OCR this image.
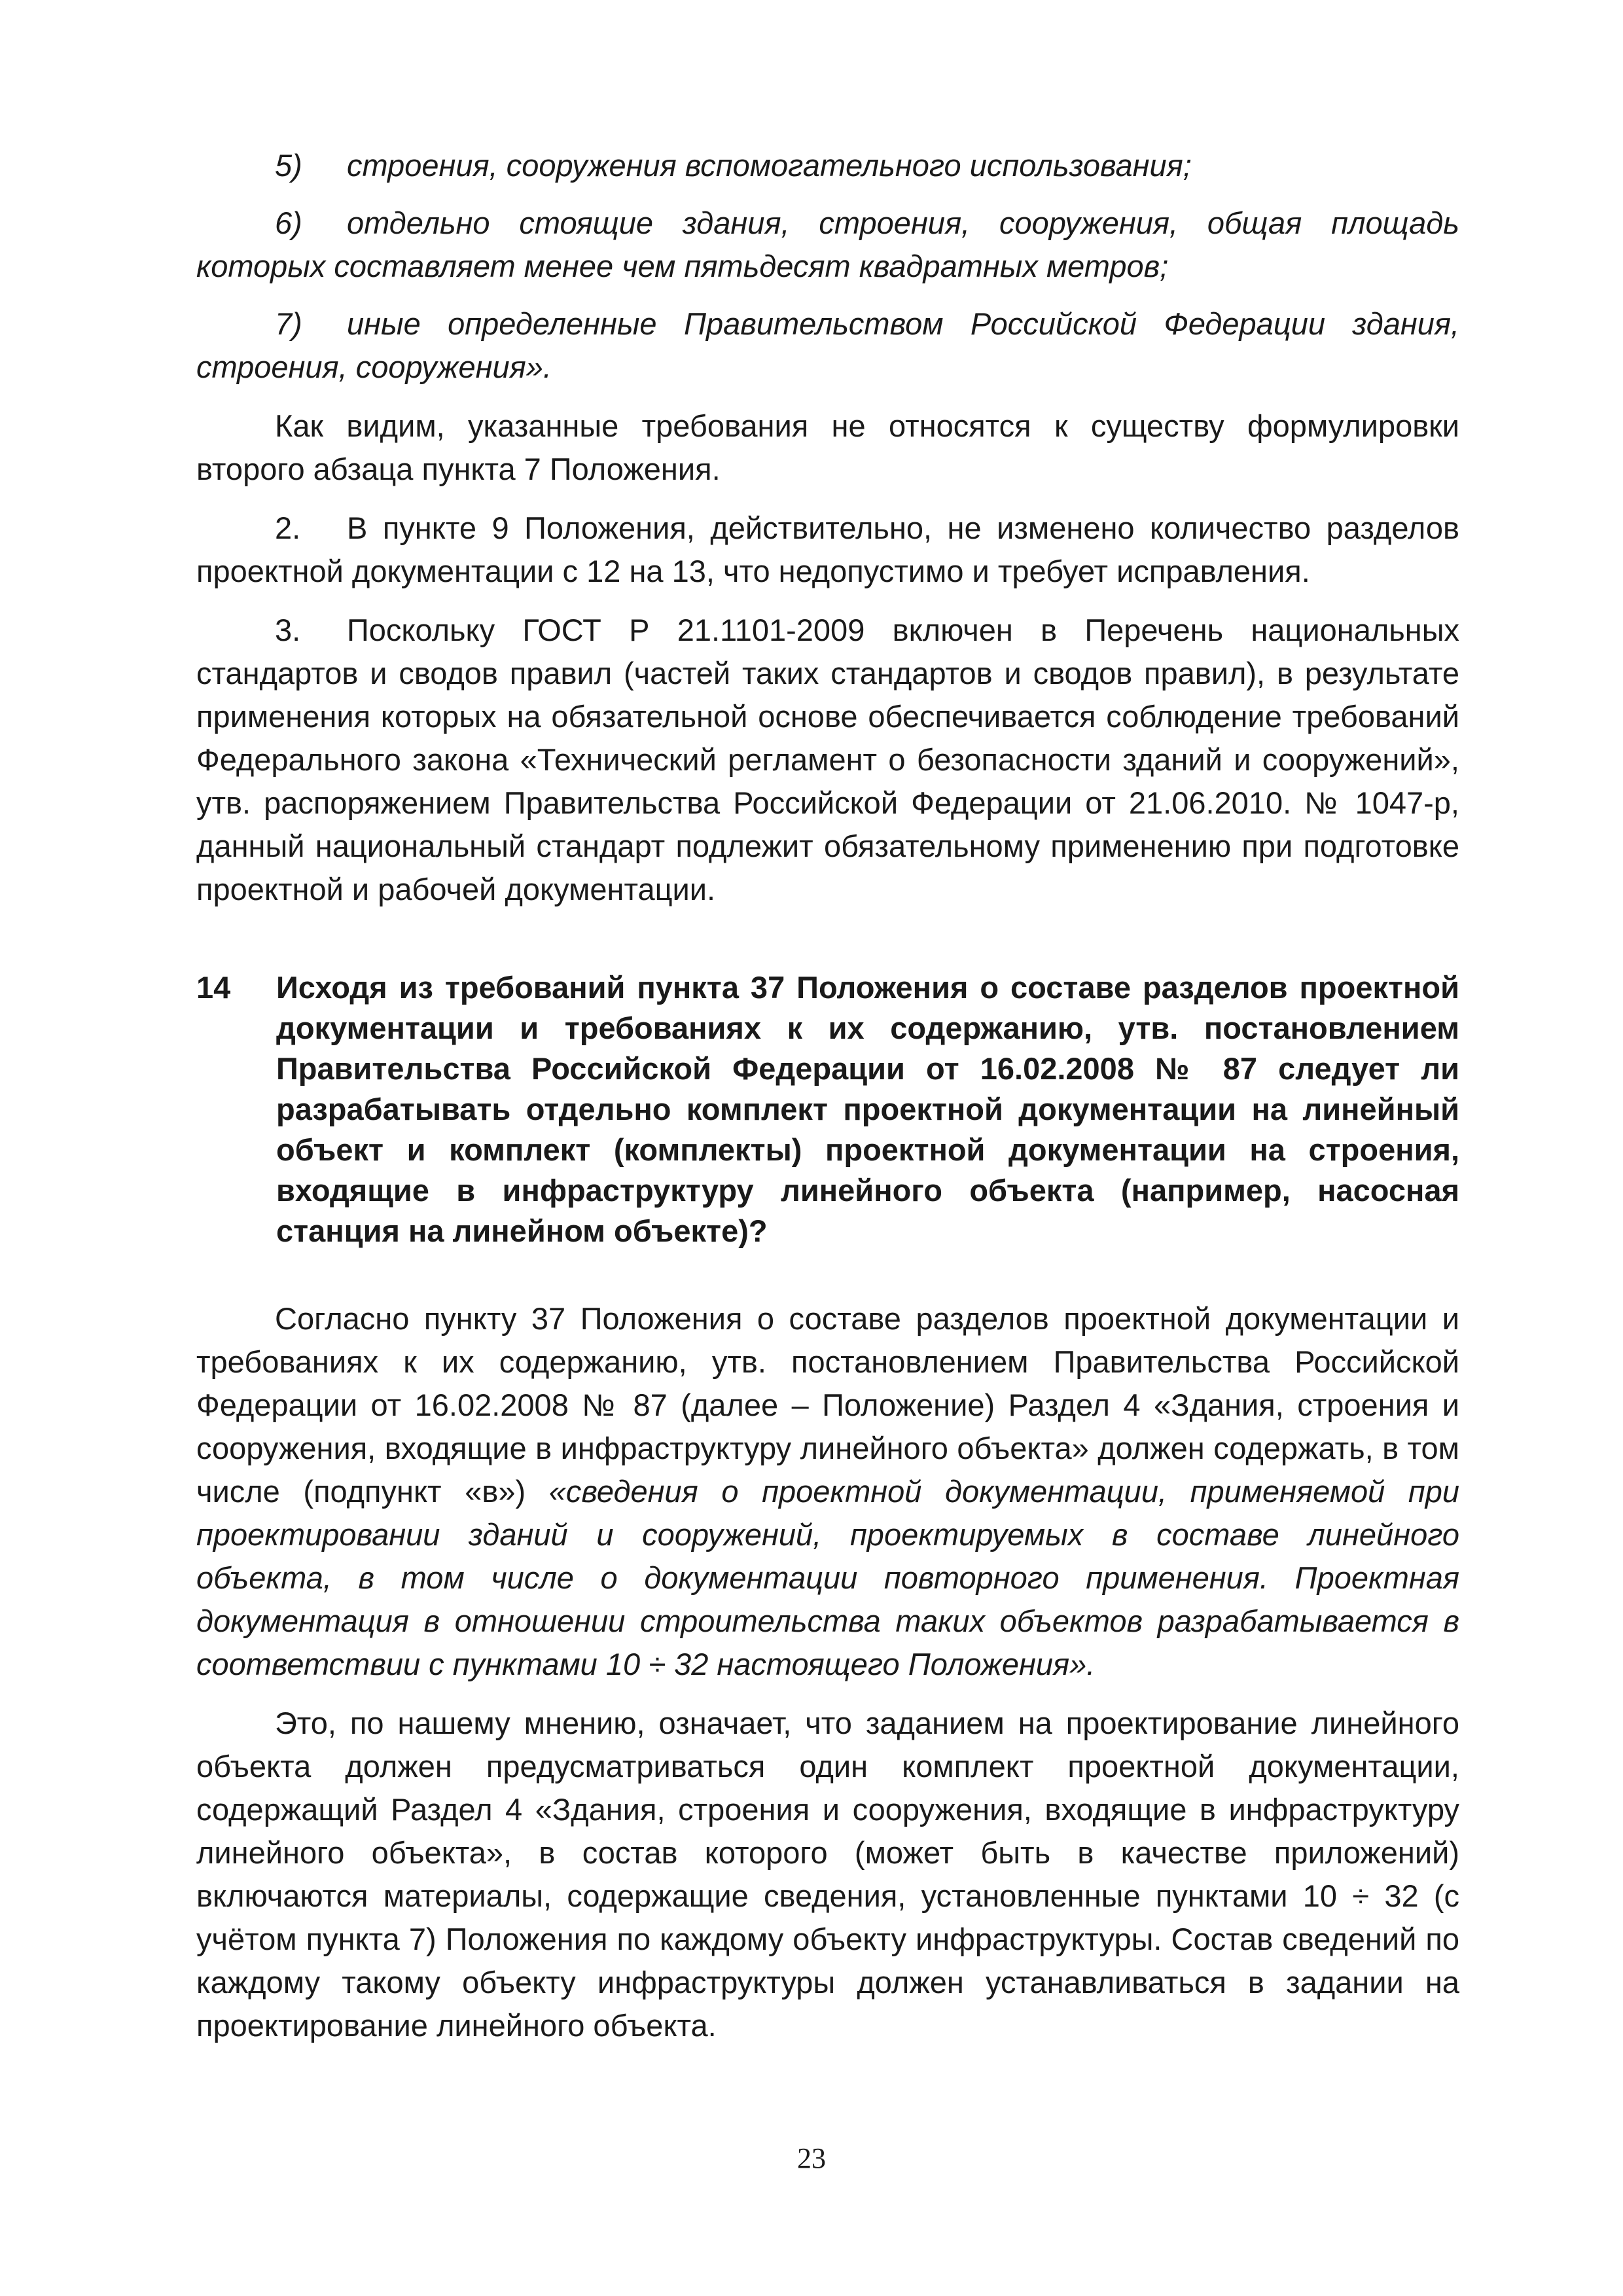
5) строения, сооружения вспомогательного использования;

6) отдельно стоящие здания, строения, сооружения, общая площадь которых составляет менее чем пятьдесят квадратных метров;

7) иные определенные Правительством Российской Федерации здания, строения, сооружения».

Как видим, указанные требования не относятся к существу формулировки второго абзаца пункта 7 Положения.

2. В пункте 9 Положения, действительно, не изменено количество разделов проектной документации с 12 на 13, что недопустимо и требует исправления.

3. Поскольку ГОСТ Р 21.1101-2009 включен в Перечень национальных стандартов и сводов правил (частей таких стандартов и сводов правил), в результате применения которых на обязательной основе обеспечивается соблюдение требований Федерального закона «Технический регламент о безопасности зданий и сооружений», утв. распоряжением Правительства Российской Федерации от 21.06.2010. № 1047-р, данный национальный стандарт подлежит обязательному применению при подготовке проектной и рабочей документации.

14	Исходя из требований пункта 37 Положения о составе разделов проектной документации и требованиях к их содержанию, утв. постановлением Правительства Российской Федерации от 16.02.2008 № 87 следует ли разрабатывать отдельно комплект проектной документации на линейный объект и комплект (комплекты) проектной документации на строения, входящие в инфраструктуру линейного объекта (например, насосная станция на линейном объекте)?

Согласно пункту 37 Положения о составе разделов проектной документации и требованиях к их содержанию, утв. постановлением Правительства Российской Федерации от 16.02.2008 № 87 (далее – Положение) Раздел 4 «Здания, строения и сооружения, входящие в инфраструктуру линейного объекта» должен содержать, в том числе (подпункт «в») «сведения о проектной документации, применяемой при проектировании зданий и сооружений, проектируемых в составе линейного объекта, в том числе о документации повторного применения. Проектная документация в отношении строительства таких объектов разрабатывается в соответствии с пунктами 10 ÷ 32 настоящего Положения».

Это, по нашему мнению, означает, что заданием на проектирование линейного объекта должен предусматриваться один комплект проектной документации, содержащий Раздел 4 «Здания, строения и сооружения, входящие в инфраструктуру линейного объекта», в состав которого (может быть в качестве приложений) включаются материалы, содержащие сведения, установленные пунктами 10 ÷ 32 (с учётом пункта 7) Положения по каждому объекту инфраструктуры. Состав сведений по каждому такому объекту инфраструктуры должен устанавливаться в задании на проектирование линейного объекта.

23
